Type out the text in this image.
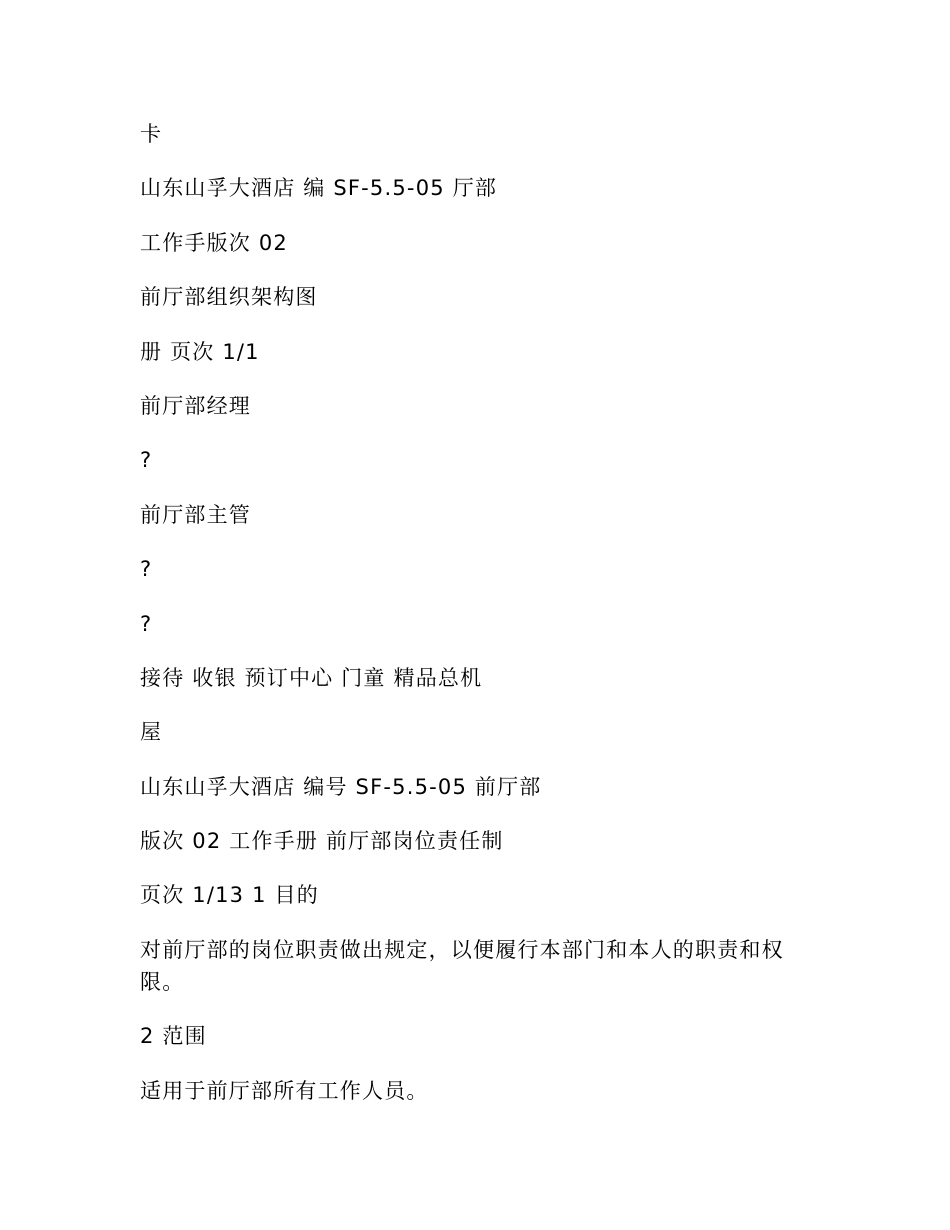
卡
山东山孚大酒店 编 SF-5.5-05 厅部
工作手版次 02
前厅部组织架构图
册 页次 1/1
前厅部经理
?
前厅部主管
?
?
接待 收银 预订中心 门童 精品总机
屋
山东山孚大酒店 编号 SF-5.5-05 前厅部
版次 02 工作手册 前厅部岗位责任制
页次 1/13 1 目的
对前厅部的岗位职责做出规定，以便履行本部门和本人的职责和权限。
2 范围
适用于前厅部所有工作人员。
